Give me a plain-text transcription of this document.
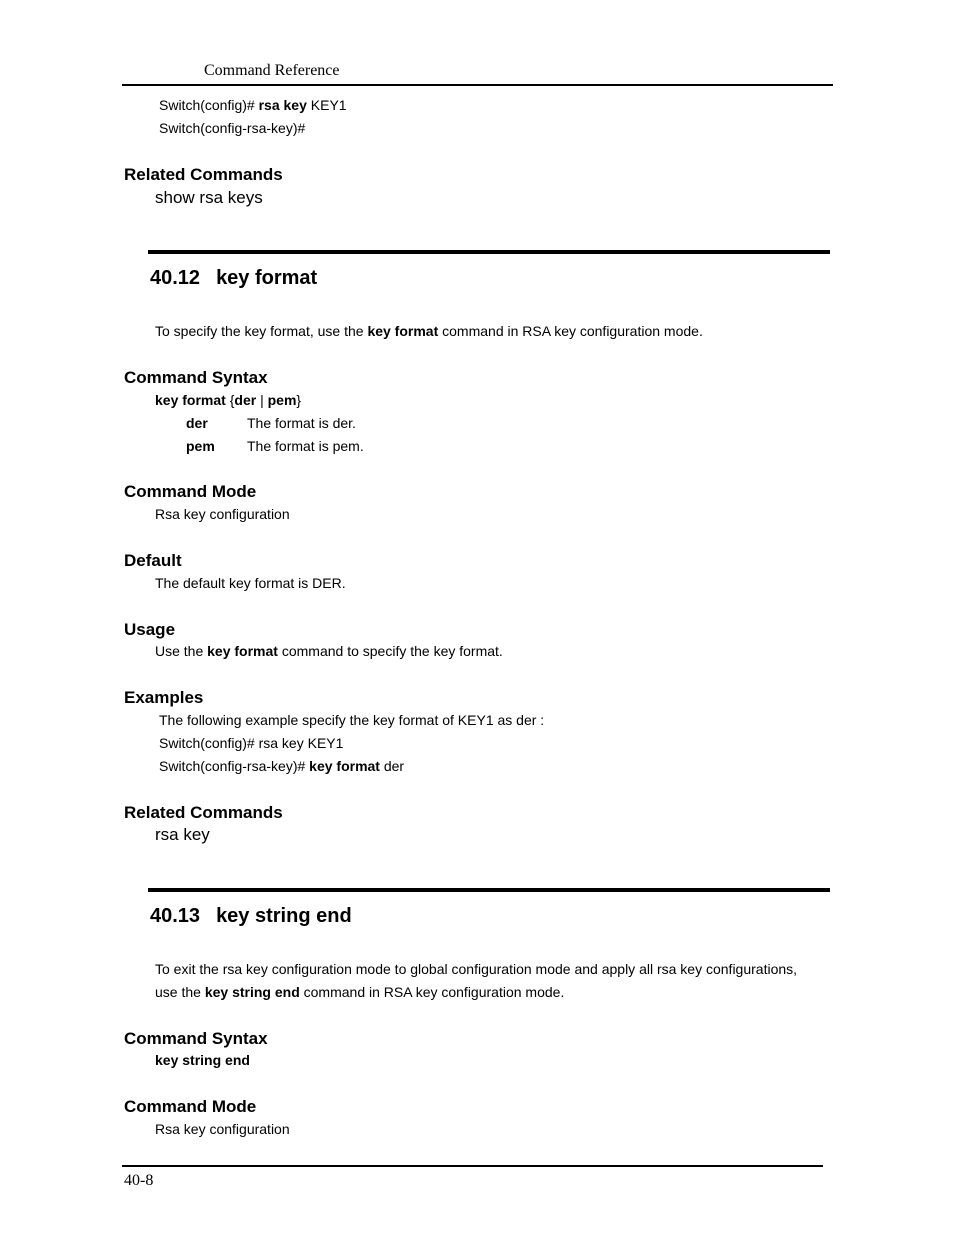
Command Reference
Switch(config)# rsa key KEY1
Switch(config-rsa-key)#
Related Commands
show rsa keys
40.12 key format
To specify the key format, use the key format command in RSA key configuration mode.
Command Syntax
key format {der | pem}
der	The format is der.
pem The format is pem.
Command Mode
Rsa key configuration
Default
The default key format is DER.
Usage
Use the key format command to specify the key format.
Examples
The following example specify the key format of KEY1 as der :
Switch(config)# rsa key KEY1
Switch(config-rsa-key)# key format der
Related Commands
rsa key
40.13 key string end
To exit the rsa key configuration mode to global configuration mode and apply all rsa key configurations,
use the key string end command in RSA key configuration mode.
Command Syntax
key string end
Command Mode
Rsa key configuration
40-8
